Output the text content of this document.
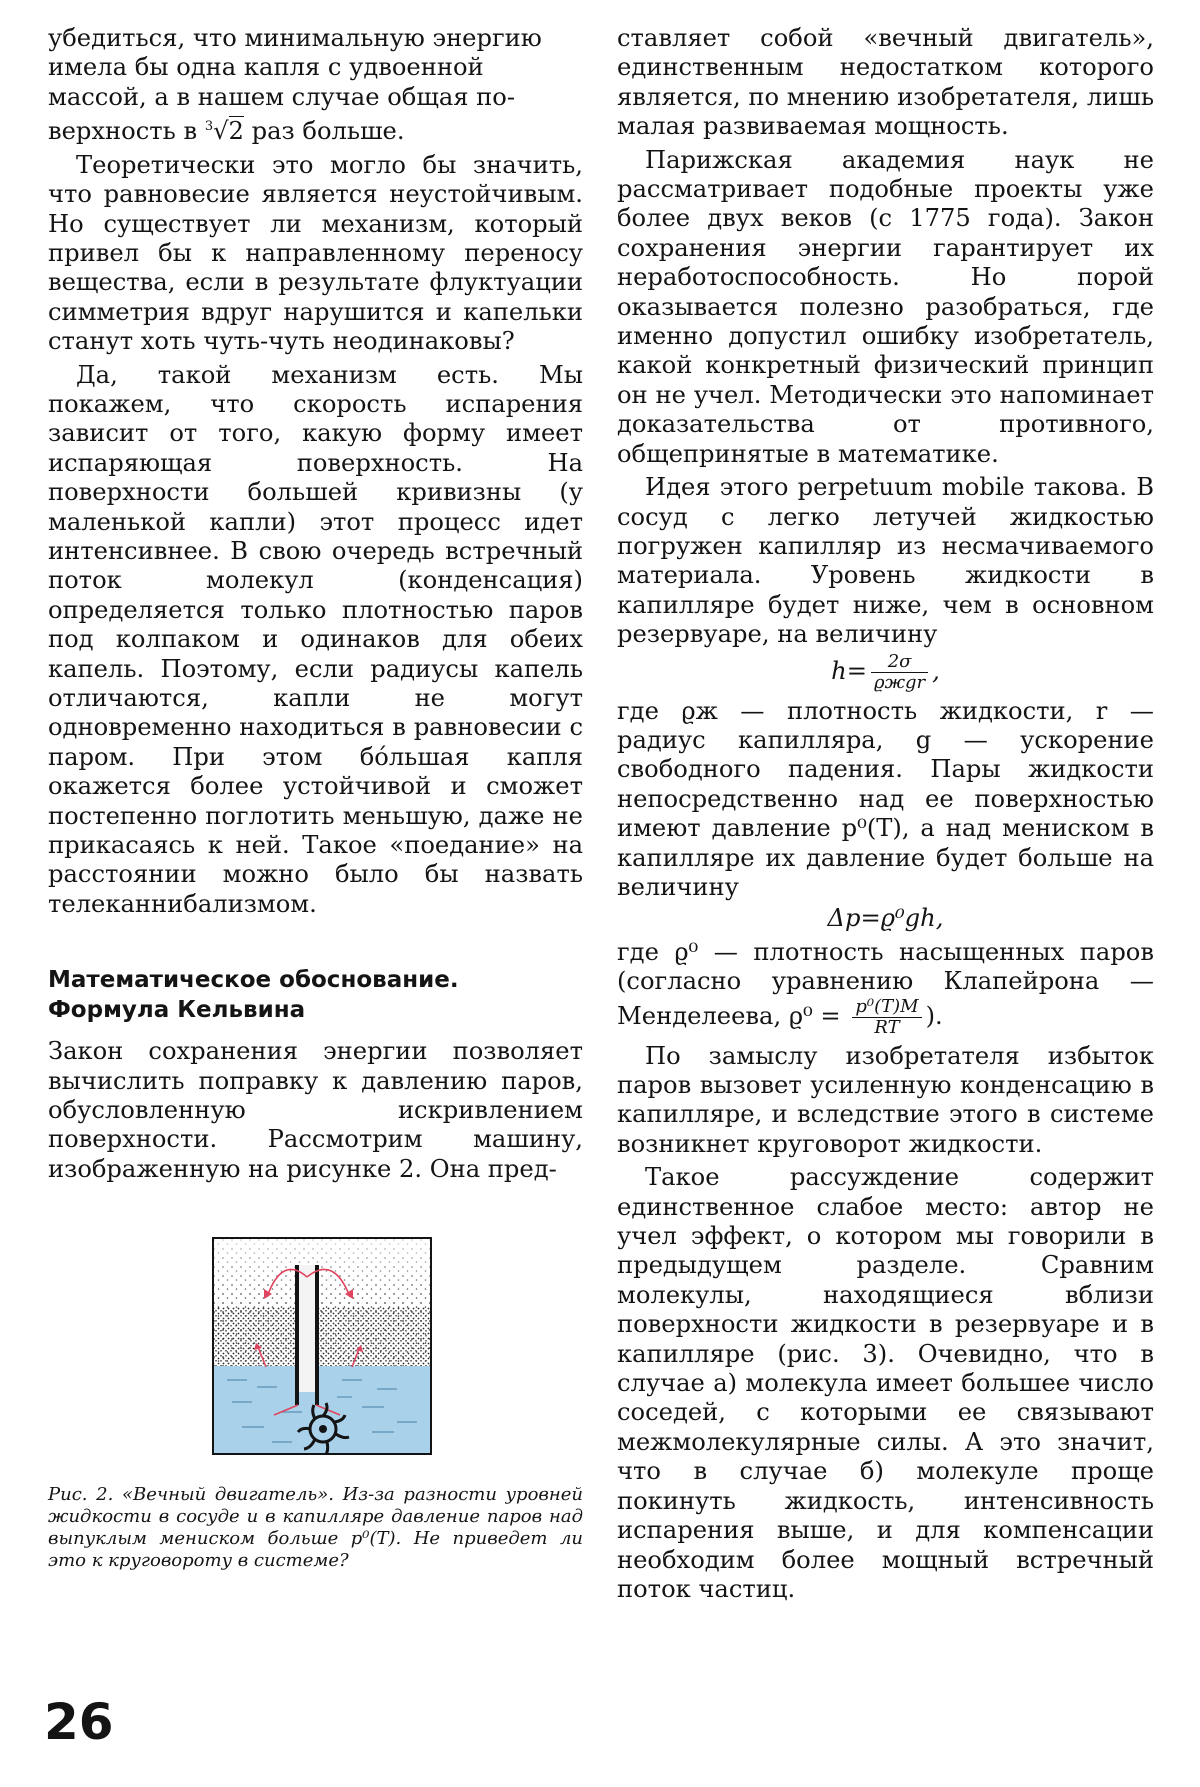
убедиться, что минимальную энергию
имела бы одна капля с удвоенной
массой, а в нашем случае общая по-
верхность в $^3$√2 раз больше.

Теоретически это могло бы значить, что равновесие является неустойчивым. Но существует ли механизм, который привел бы к направленному переносу вещества, если в результате флуктуации симметрия вдруг нарушится и капельки станут хоть чуть-чуть неодинаковы?

Да, такой механизм есть. Мы покажем, что скорость испарения зависит от того, какую форму имеет испаряющая поверхность. На поверхности большей кривизны (у маленькой капли) этот процесс идет интенсивнее. В свою очередь встречный поток молекул (конденсация) определяется только плотностью паров под колпаком и одинаков для обеих капель. Поэтому, если радиусы капель отличаются, капли не могут одновременно находиться в равновесии с паром. При этом бóльшая капля окажется более устойчивой и сможет постепенно поглотить меньшую, даже не прикасаясь к ней. Такое «поедание» на расстоянии можно было бы назвать телеканнибализмом.

Математическое обоснование.
Формула Кельвина

Закон сохранения энергии позволяет вычислить поправку к давлению паров, обусловленную искривлением поверхности. Рассмотрим машину, изображенную на рисунке 2. Она пред-

Рис. 2. «Вечный двигатель». Из-за разности уровней жидкости в сосуде и в капилляре давление паров над выпуклым мениском больше p⁰(T). Не приведет ли это к круговороту в системе?

ставляет собой «вечный двигатель», единственным недостатком которого является, по мнению изобретателя, лишь малая развиваемая мощность.

Парижская академия наук не рассматривает подобные проекты уже более двух веков (с 1775 года). Закон сохранения энергии гарантирует их неработоспособность. Но порой оказывается полезно разобраться, где именно допустил ошибку изобретатель, какой конкретный физический принцип он не учел. Методически это напоминает доказательства от противного, общепринятые в математике.

Идея этого perpetuum mobile такова. В сосуд с легко летучей жидкостью погружен капилляр из несмачиваемого материала. Уровень жидкости в капилляре будет ниже, чем в основном резервуаре, на величину

$h= \frac{2\sigma}{\text{ϱжgr}}$ ,

где ϱж — плотность жидкости, r — радиус капилляра, g — ускорение свободного падения. Пары жидкости непосредственно над ее поверхностью имеют давление p⁰(T), а над мениском в капилляре их давление будет больше на величину

Δp=ϱ⁰gh,

где ϱ⁰ — плотность насыщенных паров (согласно уравнению Клапейрона — Менделеева, $ϱ^0 = \frac{\text{p⁰(T)M}}{RT}$ ).

По замыслу изобретателя избыток паров вызовет усиленную конденсацию в капилляре, и вследствие этого в системе возникнет круговорот жидкости.

Такое рассуждение содержит единственное слабое место: автор не учел эффект, о котором мы говорили в предыдущем разделе. Сравним молекулы, находящиеся вблизи поверхности жидкости в резервуаре и в капилляре (рис. 3). Очевидно, что в случае а) молекула имеет большее число соседей, с которыми ее связывают межмолекулярные силы. А это значит, что в случае б) молекуле проще покинуть жидкость, интенсивность испарения выше, и для компенсации необходим более мощный встречный поток частиц.

26
